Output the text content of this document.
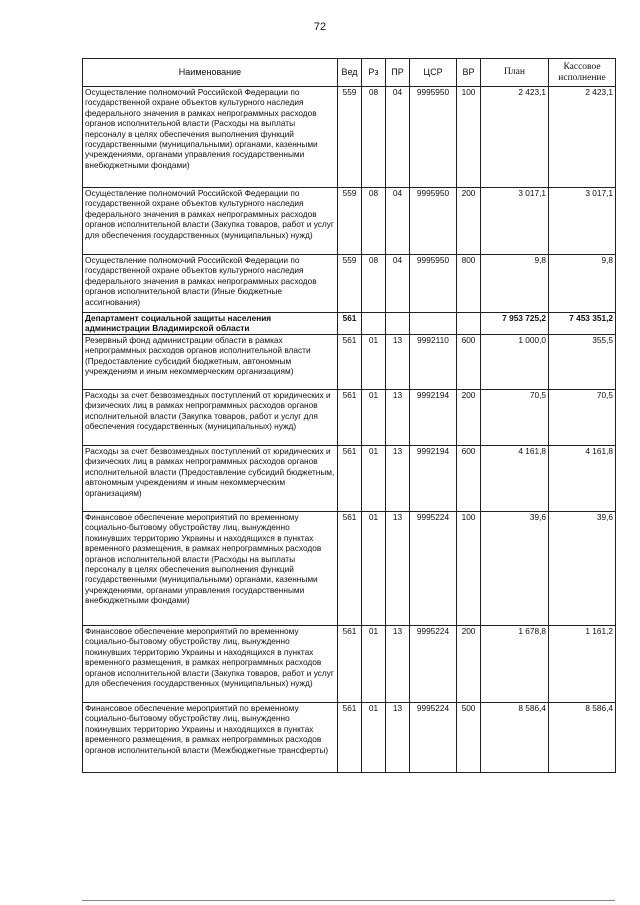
72
Наименование	Вед	Рз	ПР	ЦСР	ВР	План	Кассовое исполнение
Осуществление полномочий Российской Федерации по государственной охране объектов культурного наследия федерального значения в рамках непрограммных расходов органов исполнительной власти (Расходы на выплаты персоналу в целях обеспечения выполнения функций государственными (муниципальными) органами, казенными учреждениями, органами управления государственными внебюджетными фондами)	559	08	04	9995950	100	2 423,1	2 423,1
Осуществление полномочий Российской Федерации по государственной охране объектов культурного наследия федерального значения в рамках непрограммных расходов органов исполнительной власти (Закупка товаров, работ и услуг для обеспечения государственных (муниципальных) нужд)	559	08	04	9995950	200	3 017,1	3 017,1
Осуществление полномочий Российской Федерации по государственной охране объектов культурного наследия федерального значения в рамках непрограммных расходов органов исполнительной власти (Иные бюджетные ассигнования)	559	08	04	9995950	800	9,8	9,8
Департамент социальной защиты населения администрации Владимирской области	561					7 953 725,2	7 453 351,2
Резервный фонд администрации области в рамках непрограммных расходов органов исполнительной власти (Предоставление субсидий бюджетным, автономным учреждениям и иным некоммерческим организациям)	561	01	13	9992110	600	1 000,0	355,5
Расходы за счет безвозмездных поступлений от юридических и физических лиц в рамках непрограммных расходов органов исполнительной власти (Закупка товаров, работ и услуг для обеспечения государственных (муниципальных) нужд)	561	01	13	9992194	200	70,5	70,5
Расходы за счет безвозмездных поступлений от юридических и физических лиц в рамках непрограммных расходов органов исполнительной власти (Предоставление субсидий бюджетным, автономным учреждениям и иным некоммерческим организациям)	561	01	13	9992194	600	4 161,8	4 161,8
Финансовое обеспечение мероприятий по временному социально-бытовому обустройству лиц, вынужденно покинувших территорию Украины и находящихся в пунктах временного размещения, в рамках непрограммных расходов органов исполнительной власти (Расходы на выплаты персоналу в целях обеспечения выполнения функций государственными (муниципальными) органами, казенными учреждениями, органами управления государственными внебюджетными фондами)	561	01	13	9995224	100	39,6	39,6
Финансовое обеспечение мероприятий по временному социально-бытовому обустройству лиц, вынужденно покинувших территорию Украины и находящихся в пунктах временного размещения, в рамках непрограммных расходов органов исполнительной власти (Закупка товаров, работ и услуг для обеспечения государственных (муниципальных) нужд)	561	01	13	9995224	200	1 678,8	1 161,2
Финансовое обеспечение мероприятий по временному социально-бытовому обустройству лиц, вынужденно покинувших территорию Украины и находящихся в пунктах временного размещения, в рамках непрограммных расходов органов исполнительной власти (Межбюджетные трансферты)	561	01	13	9995224	500	8 586,4	8 586,4
